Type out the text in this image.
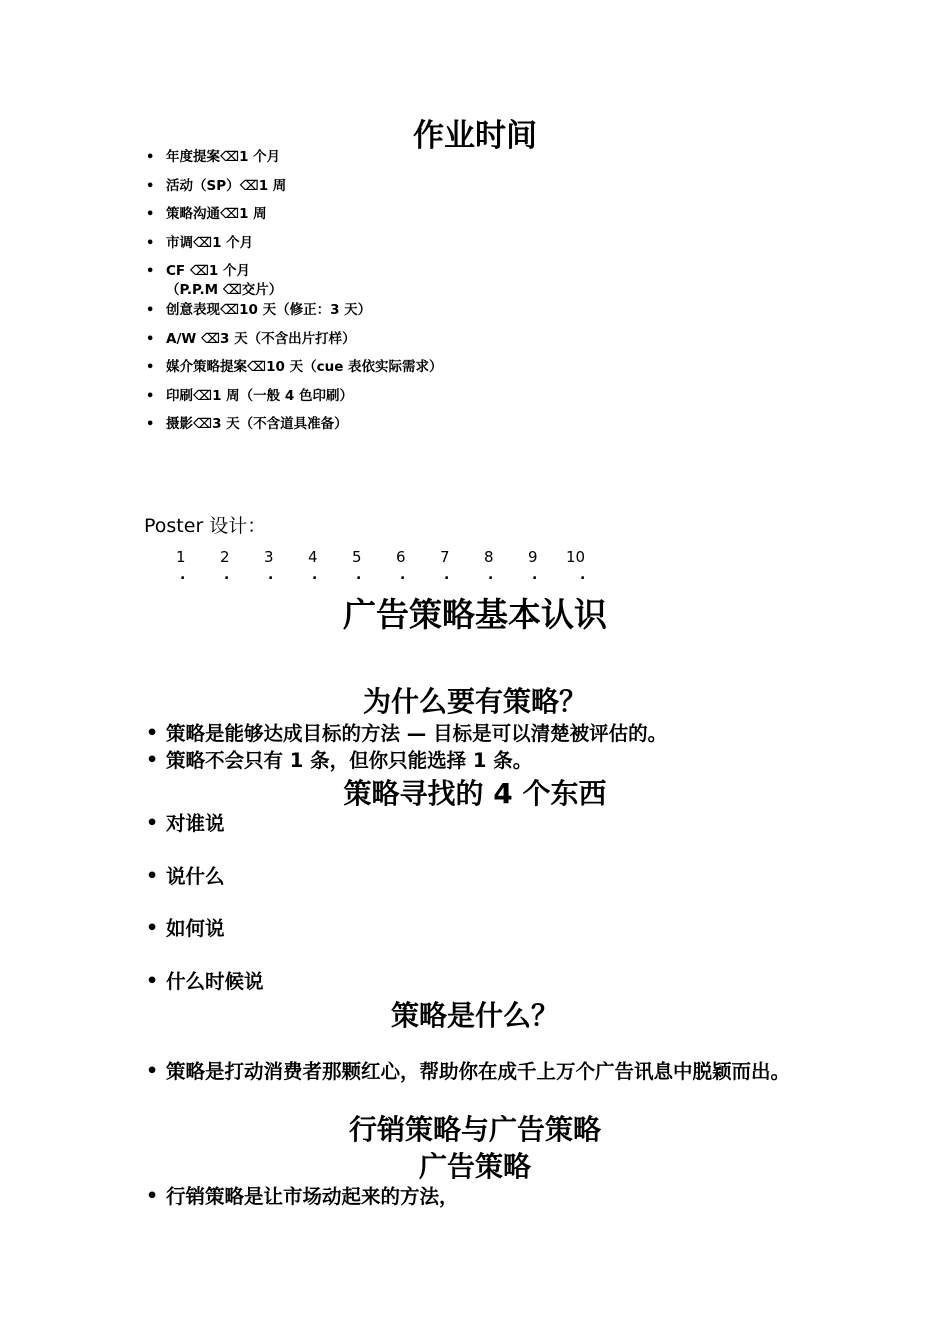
作业时间
• 年度提案⌫1 个月
• 活动（SP）⌫1 周
• 策略沟通⌫1 周
• 市调⌫1 个月
• CF ⌫1 个月
（P.P.M ⌫交片）
• 创意表现⌫10 天（修正：3 天）
• A/W ⌫3 天（不含出片打样）
• 媒介策略提案⌫10 天（cue 表依实际需求）
• 印刷⌫1 周（一般 4 色印刷）
• 摄影⌫3 天（不含道具准备）

Poster 设计：

1
.
2
.
3
.
4
.
5
.
6
.
7
.
8
.
9
.
10
.
广告策略基本认识
为什么要有策略？
• 策略是能够达成目标的方法 — 目标是可以清楚被评估的。
• 策略不会只有 1 条，但你只能选择 1 条。
策略寻找的 4 个东西
• 对谁说
• 说什么
• 如何说
• 什么时候说
策略是什么？
• 策略是打动消费者那颗红心，帮助你在成千上万个广告讯息中脱颖而出。
行销策略与广告策略
广告策略
• 行销策略是让市场动起来的方法，
